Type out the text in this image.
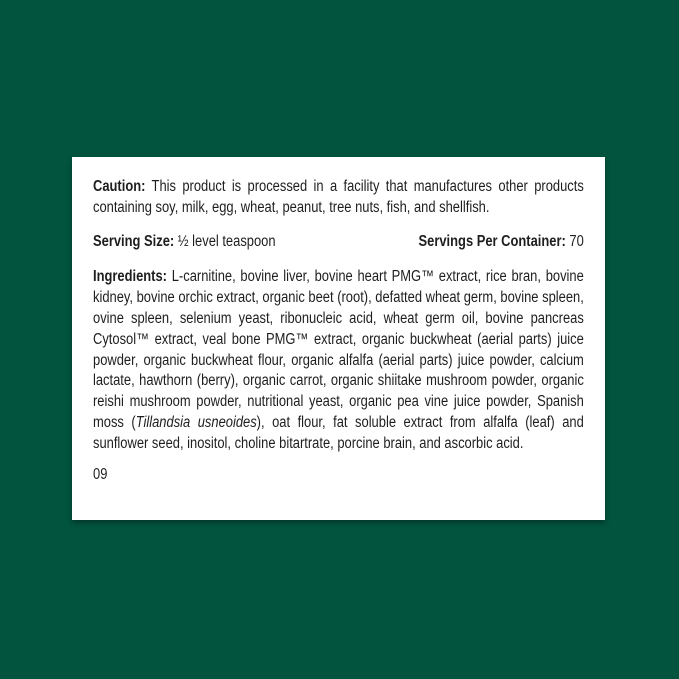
Caution: This product is processed in a facility that manufactures other products containing soy, milk, egg, wheat, peanut, tree nuts, fish, and shellfish.

Serving Size: ½ level teaspoon	Servings Per Container: 70

Ingredients: L-carnitine, bovine liver, bovine heart PMG™ extract, rice bran, bovine kidney, bovine orchic extract, organic beet (root), defatted wheat germ, bovine spleen, ovine spleen, selenium yeast, ribonucleic acid, wheat germ oil, bovine pancreas Cytosol™ extract, veal bone PMG™ extract, organic buckwheat (aerial parts) juice powder, organic buckwheat flour, organic alfalfa (aerial parts) juice powder, calcium lactate, hawthorn (berry), organic carrot, organic shiitake mushroom powder, organic reishi mushroom powder, nutritional yeast, organic pea vine juice powder, Spanish moss (Tillandsia usneoides), oat flour, fat soluble extract from alfalfa (leaf) and sunflower seed, inositol, choline bitartrate, porcine brain, and ascorbic acid.

09
